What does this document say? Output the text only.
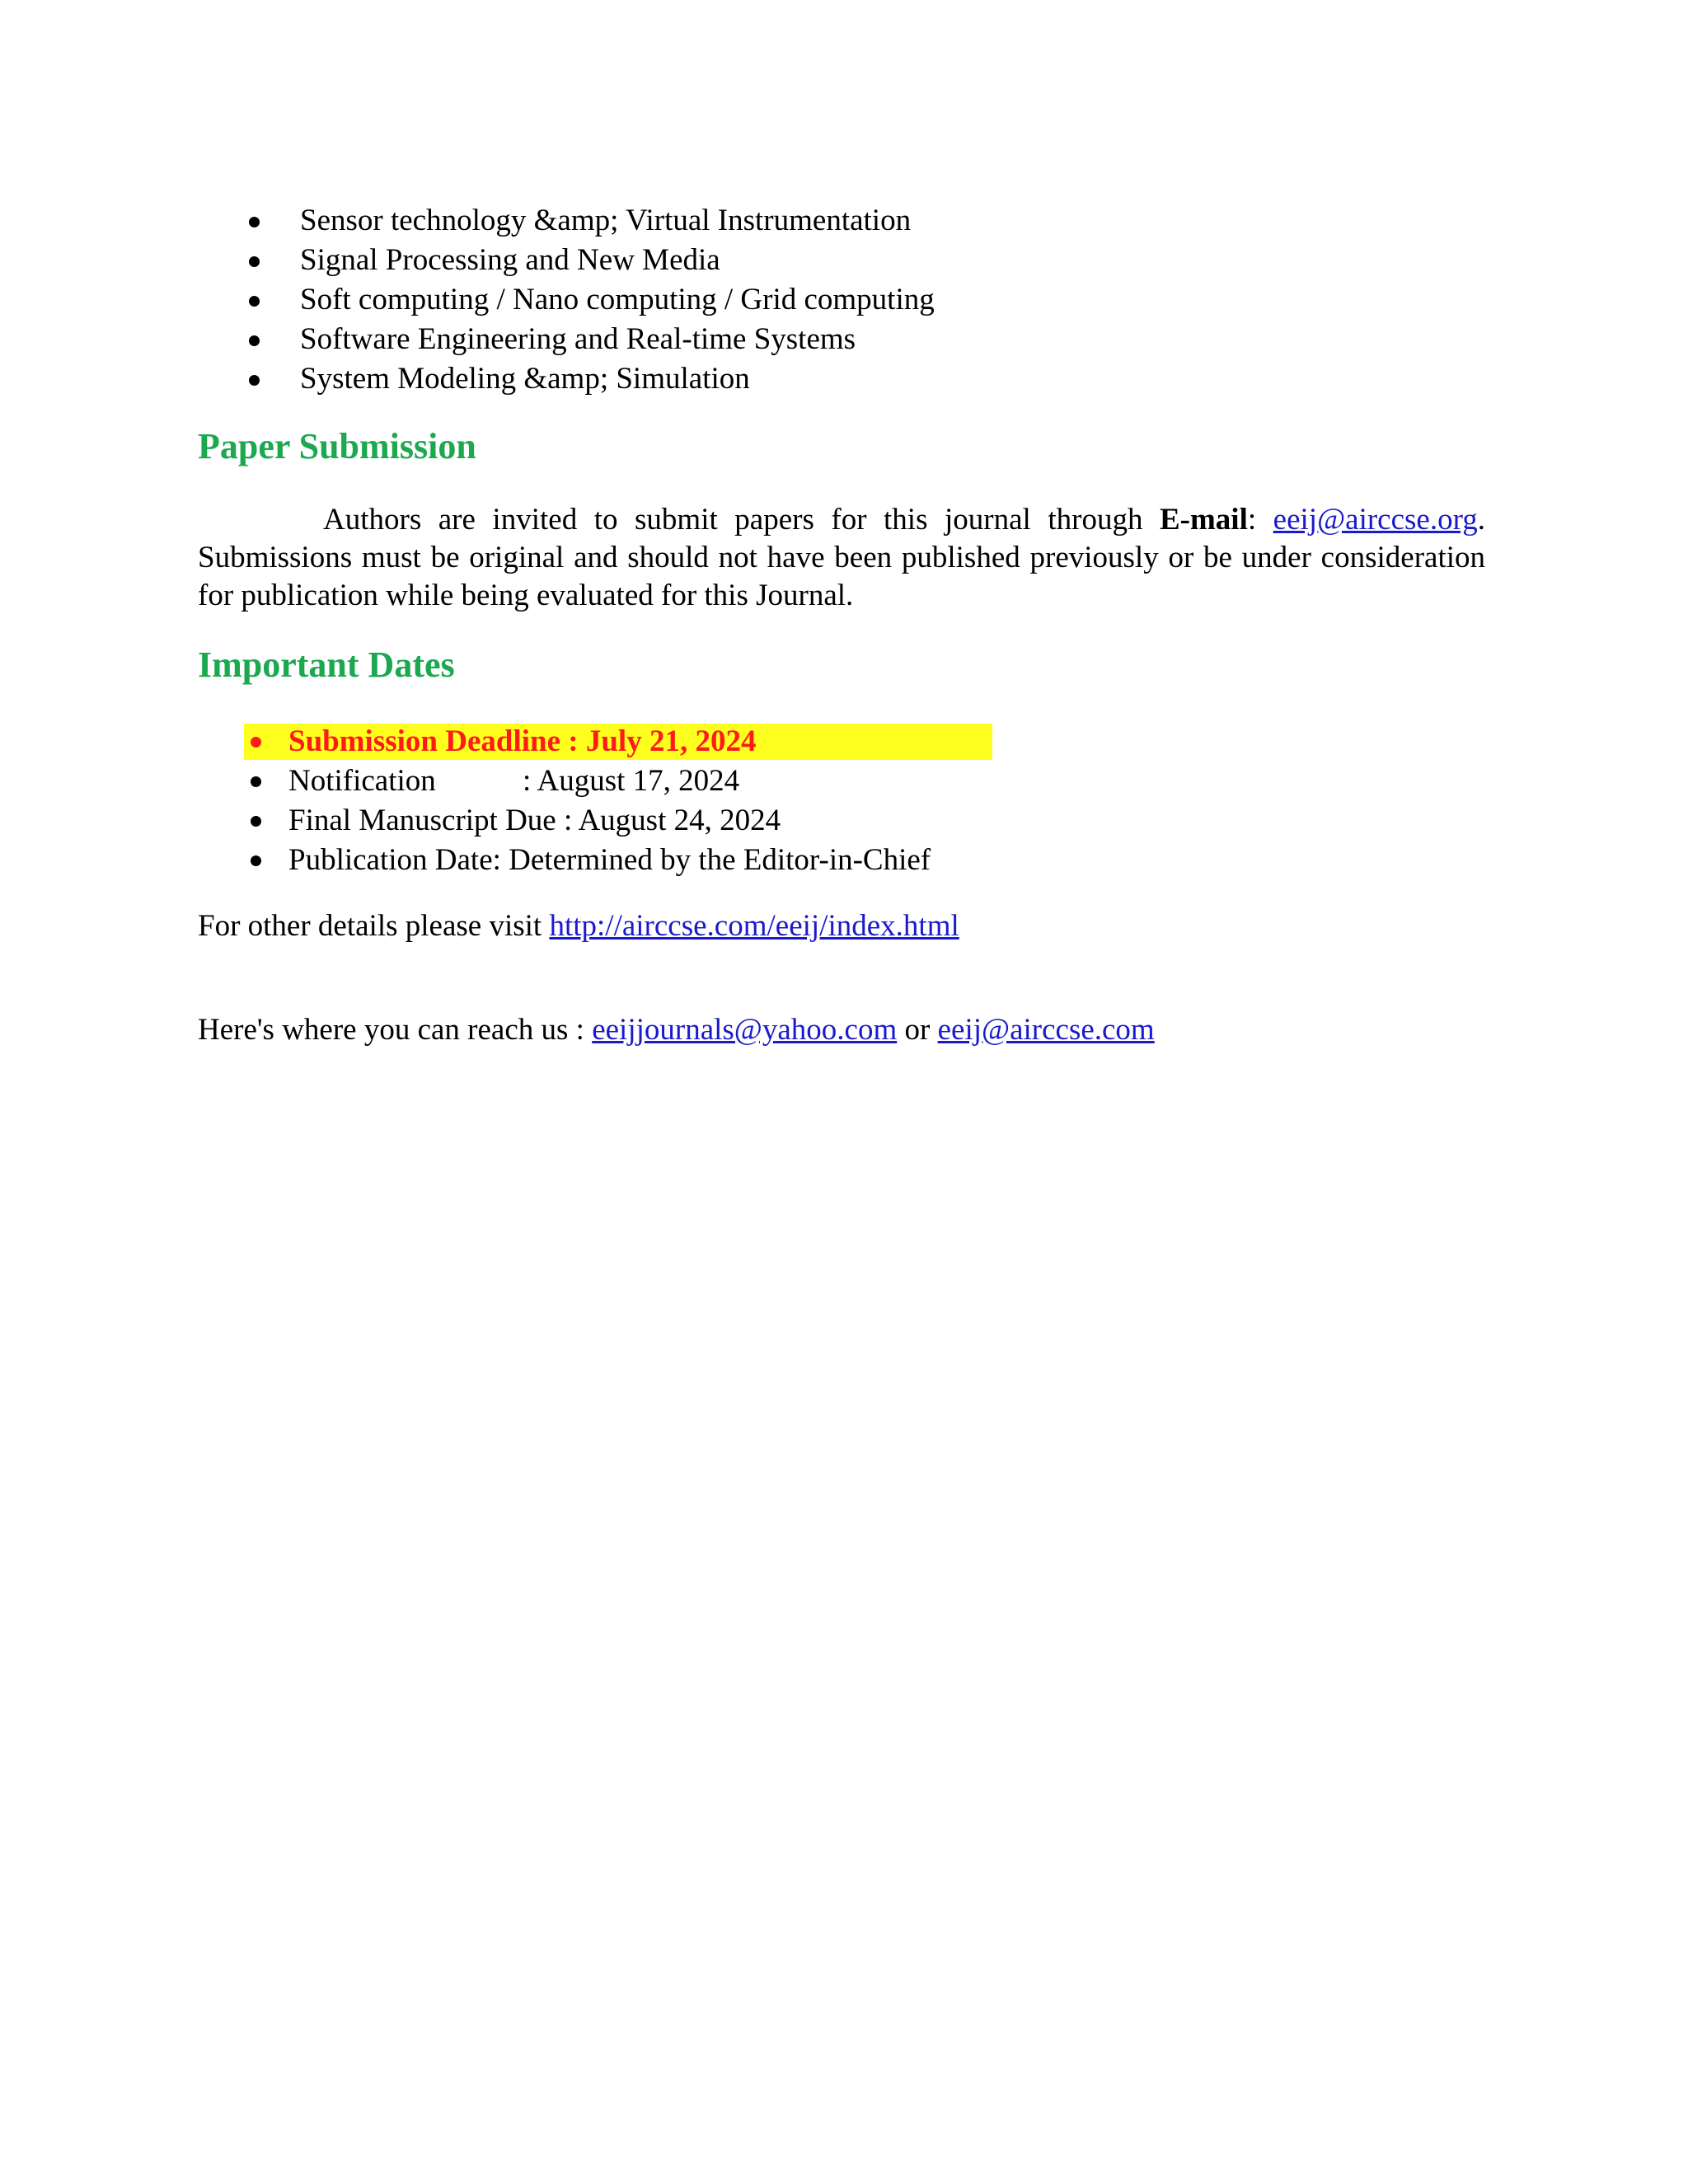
Sensor technology &amp; Virtual Instrumentation
Signal Processing and New Media
Soft computing / Nano computing / Grid computing
Software Engineering and Real-time Systems
System Modeling &amp; Simulation
Paper Submission

Authors are invited to submit papers for this journal through E-mail: eeij@airccse.org. Submissions must be original and should not have been published previously or be under consideration for publication while being evaluated for this Journal.

Important Dates
Submission Deadline : July 21, 2024
Notification	: August 17, 2024
Final Manuscript Due : August 24, 2024
Publication Date: Determined by the Editor-in-Chief

For other details please visit http://airccse.com/eeij/index.html

Here's where you can reach us : eeijjournals@yahoo.com or eeij@airccse.com
